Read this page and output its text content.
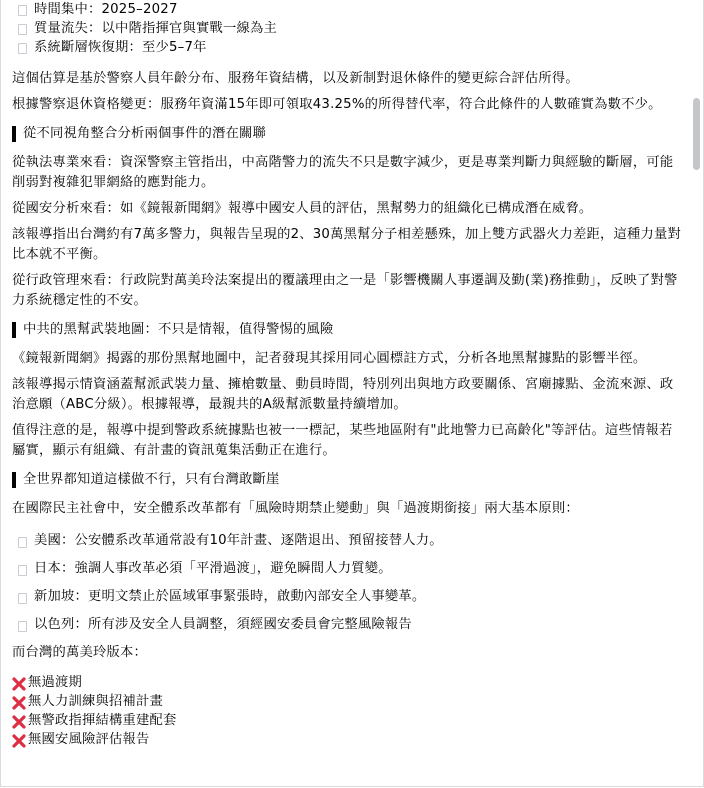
時間集中：2025–2027
質量流失：以中階指揮官與實戰一線為主
系統斷層恢復期：至少5–7年

這個估算是基於警察人員年齡分布、服務年資結構，以及新制對退休條件的變更綜合評估所得。

根據警察退休資格變更：服務年資滿15年即可領取43.25%的所得替代率，符合此條件的人數確實為數不少。

從不同視角整合分析兩個事件的潛在關聯

從執法專業來看：資深警察主管指出，中高階警力的流失不只是數字減少，更是專業判斷力與經驗的斷層，可能削弱對複雜犯罪網絡的應對能力。

從國安分析來看：如《鏡報新聞網》報導中國安人員的評估，黑幫勢力的組織化已構成潛在威脅。

該報導指出台灣約有7萬多警力，與報告呈現的2、30萬黑幫分子相差懸殊，加上雙方武器火力差距，這種力量對比本就不平衡。

從行政管理來看：行政院對萬美玲法案提出的覆議理由之一是「影響機關人事遷調及勤(業)務推動」，反映了對警力系統穩定性的不安。

中共的黑幫武裝地圖：不只是情報，值得警惕的風險

《鏡報新聞網》揭露的那份黑幫地圖中，記者發現其採用同心圓標註方式，分析各地黑幫據點的影響半徑。

該報導揭示情資涵蓋幫派武裝力量、擁槍數量、動員時間，特別列出與地方政要關係、宮廟據點、金流來源、政治意願（ABC分級）。根據報導，最親共的A級幫派數量持續增加。

值得注意的是，報導中提到警政系統據點也被一一標記，某些地區附有"此地警力已高齡化"等評估。這些情報若屬實，顯示有組織、有計畫的資訊蒐集活動正在進行。

全世界都知道這樣做不行，只有台灣敢斷崖

在國際民主社會中，安全體系改革都有「風險時期禁止變動」與「過渡期銜接」兩大基本原則：

美國：公安體系改革通常設有10年計畫、逐階退出、預留接替人力。
日本：強調人事改革必須「平滑過渡」，避免瞬間人力質變。
新加坡：更明文禁止於區域軍事緊張時，啟動內部安全人事變革。
以色列：所有涉及安全人員調整，須經國安委員會完整風險報告

而台灣的萬美玲版本：

無過渡期
無人力訓練與招補計畫
無警政指揮結構重建配套
無國安風險評估報告
